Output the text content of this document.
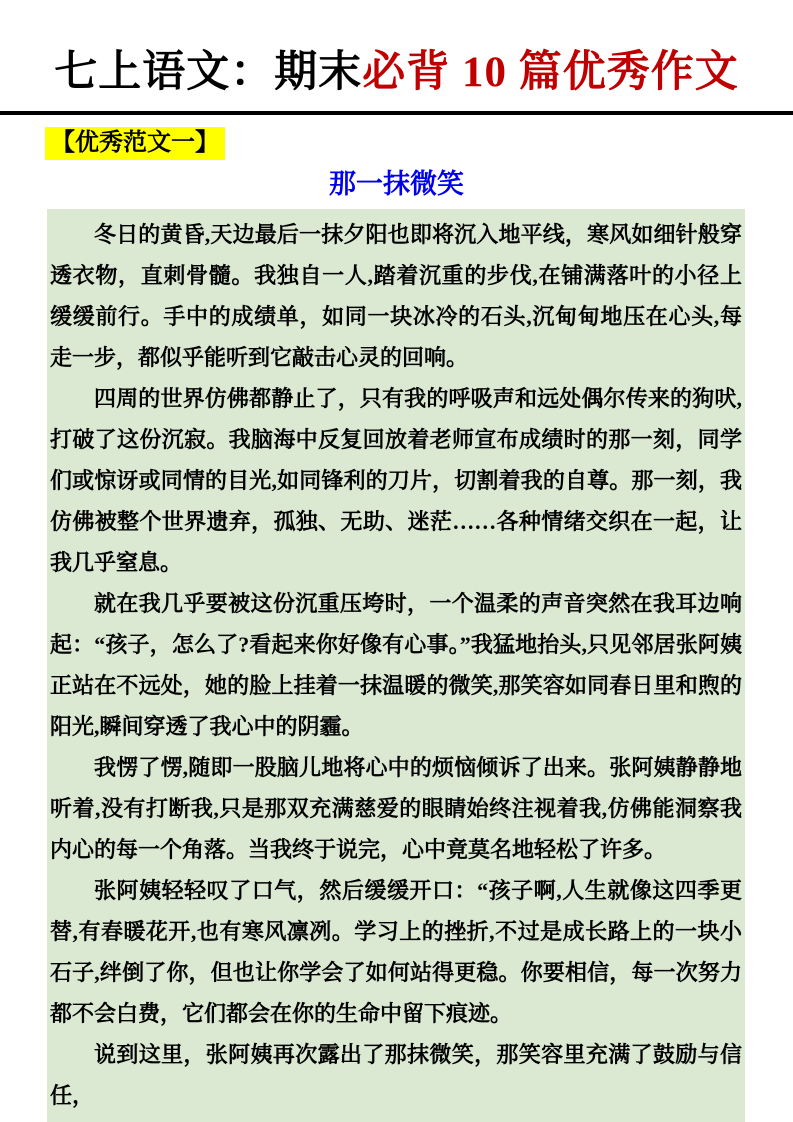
七上语文：期末必背 10 篇优秀作文
【优秀范文一】
那一抹微笑

冬日的黄昏,天边最后一抹夕阳也即将沉入地平线，寒风如细针般穿透衣物，直刺骨髓。我独自一人,踏着沉重的步伐,在铺满落叶的小径上缓缓前行。手中的成绩单，如同一块冰冷的石头,沉甸甸地压在心头,每走一步，都似乎能听到它敲击心灵的回响。

四周的世界仿佛都静止了，只有我的呼吸声和远处偶尔传来的狗吠,打破了这份沉寂。我脑海中反复回放着老师宣布成绩时的那一刻，同学们或惊讶或同情的目光,如同锋利的刀片，切割着我的自尊。那一刻，我仿佛被整个世界遗弃，孤独、无助、迷茫……各种情绪交织在一起，让我几乎窒息。

就在我几乎要被这份沉重压垮时，一个温柔的声音突然在我耳边响起：“孩子，怎么了?看起来你好像有心事。”我猛地抬头,只见邻居张阿姨正站在不远处，她的脸上挂着一抹温暖的微笑,那笑容如同春日里和煦的阳光,瞬间穿透了我心中的阴霾。

我愣了愣,随即一股脑儿地将心中的烦恼倾诉了出来。张阿姨静静地听着,没有打断我,只是那双充满慈爱的眼睛始终注视着我,仿佛能洞察我内心的每一个角落。当我终于说完，心中竟莫名地轻松了许多。

张阿姨轻轻叹了口气，然后缓缓开口：“孩子啊,人生就像这四季更替,有春暖花开,也有寒风凛冽。学习上的挫折,不过是成长路上的一块小石子,绊倒了你，但也让你学会了如何站得更稳。你要相信，每一次努力都不会白费，它们都会在你的生命中留下痕迹。

说到这里，张阿姨再次露出了那抹微笑，那笑容里充满了鼓励与信任，
